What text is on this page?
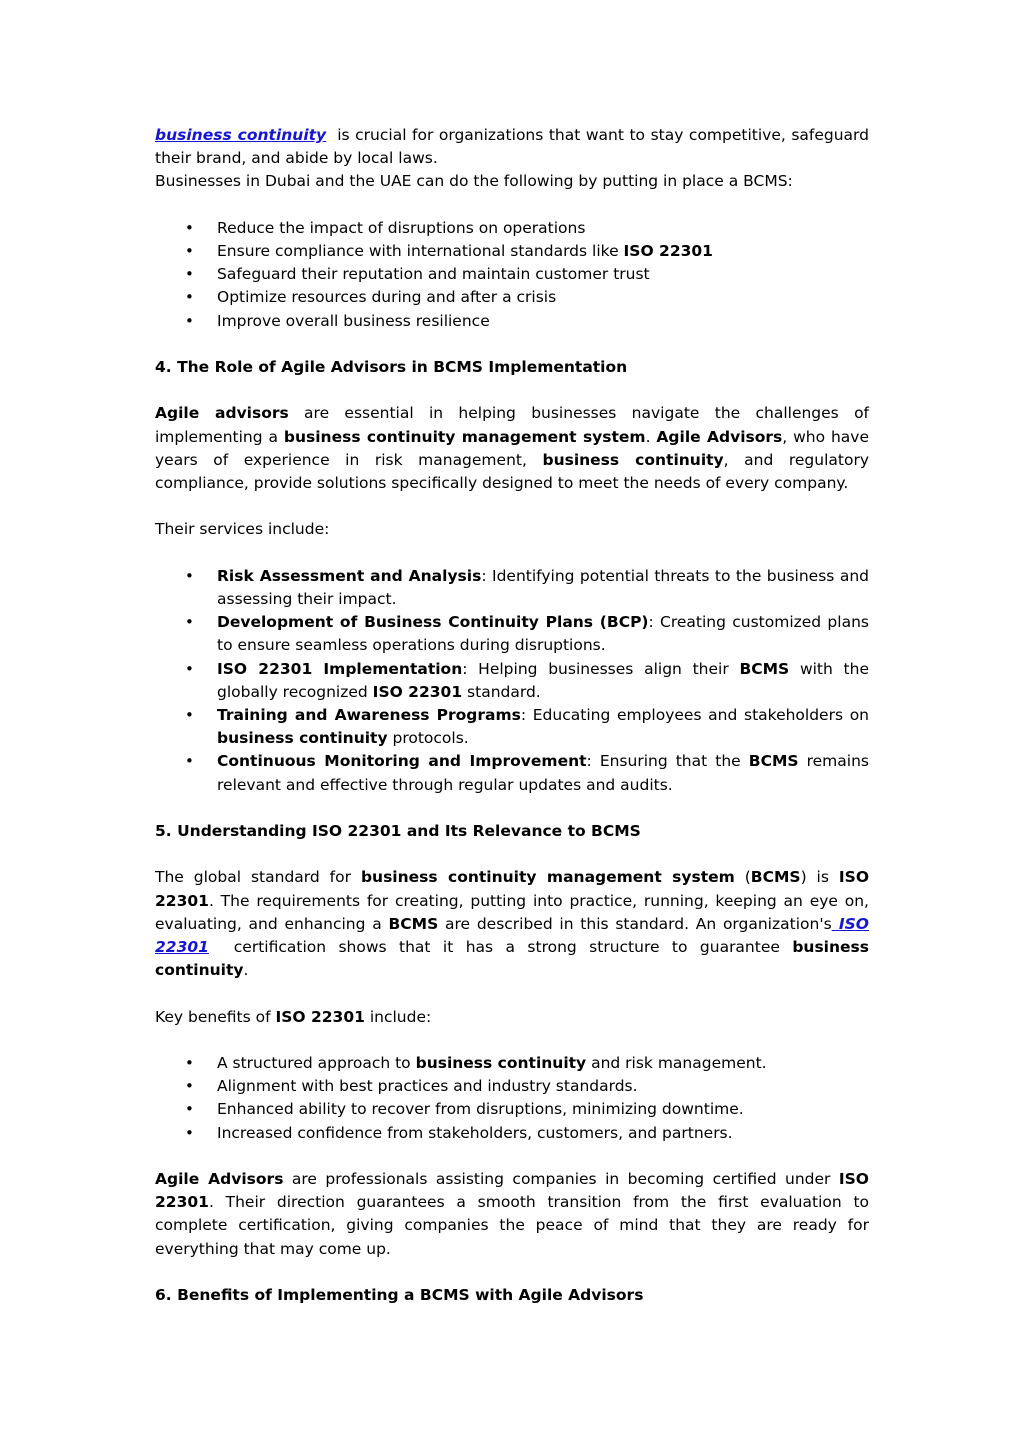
business continuity  is crucial for organizations that want to stay competitive, safeguard their brand, and abide by local laws.

Businesses in Dubai and the UAE can do the following by putting in place a BCMS:

• Reduce the impact of disruptions on operations
• Ensure compliance with international standards like ISO 22301
• Safeguard their reputation and maintain customer trust
• Optimize resources during and after a crisis
• Improve overall business resilience
4. The Role of Agile Advisors in BCMS Implementation

Agile advisors are essential in helping businesses navigate the challenges of implementing a business continuity management system. Agile Advisors, who have years of experience in risk management, business continuity, and regulatory compliance, provide solutions specifically designed to meet the needs of every company.

Their services include:

• Risk Assessment and Analysis: Identifying potential threats to the business and assessing their impact.
• Development of Business Continuity Plans (BCP): Creating customized plans to ensure seamless operations during disruptions.
• ISO 22301 Implementation: Helping businesses align their BCMS with the globally recognized ISO 22301 standard.
• Training and Awareness Programs: Educating employees and stakeholders on business continuity protocols.
• Continuous Monitoring and Improvement: Ensuring that the BCMS remains relevant and effective through regular updates and audits.
5. Understanding ISO 22301 and Its Relevance to BCMS

The global standard for business continuity management system (BCMS) is ISO 22301. The requirements for creating, putting into practice, running, keeping an eye on, evaluating, and enhancing a BCMS are described in this standard. An organization's ISO 22301  certification shows that it has a strong structure to guarantee business continuity.

Key benefits of ISO 22301 include:

• A structured approach to business continuity and risk management.
• Alignment with best practices and industry standards.
• Enhanced ability to recover from disruptions, minimizing downtime.
• Increased confidence from stakeholders, customers, and partners.

Agile Advisors are professionals assisting companies in becoming certified under ISO 22301. Their direction guarantees a smooth transition from the first evaluation to complete certification, giving companies the peace of mind that they are ready for everything that may come up.

6. Benefits of Implementing a BCMS with Agile Advisors
